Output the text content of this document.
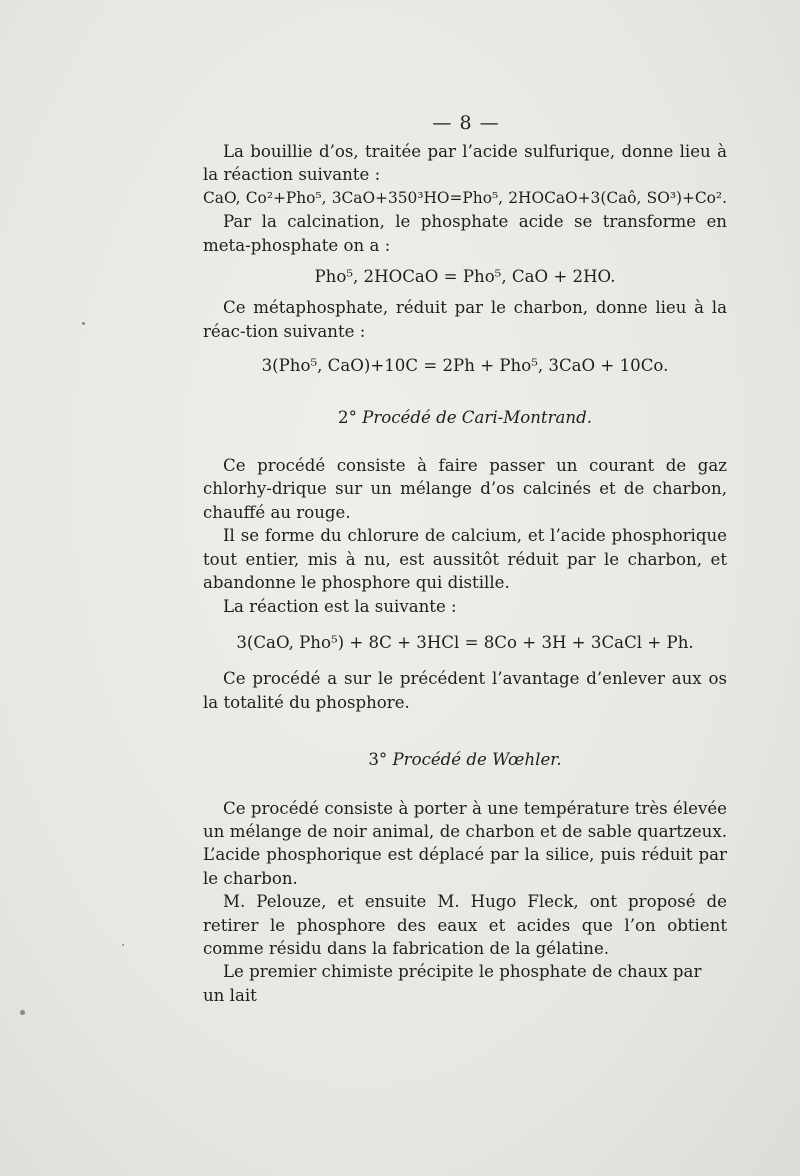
— 8 —

La bouillie d’os, traitée par l’acide sulfurique, donne lieu à la réaction suivante :

CaO, Co²+Pho⁵, 3CaO+350³HO=Pho⁵, 2HOCaO+3(Caô, SO³)+Co².

Par la calcination, le phosphate acide se transforme en meta-phosphate on a :

Pho⁵, 2HOCaO = Pho⁵, CaO + 2HO.

Ce métaphosphate, réduit par le charbon, donne lieu à la réac-tion suivante :

3(Pho⁵, CaO)+10C = 2Ph + Pho⁵, 3CaO + 10Co.
2° Procédé de Cari-Montrand.

Ce procédé consiste à faire passer un courant de gaz chlorhy-drique sur un mélange d’os calcinés et de charbon, chauffé au rouge.

Il se forme du chlorure de calcium, et l’acide phosphorique tout entier, mis à nu, est aussitôt réduit par le charbon, et abandonne le phosphore qui distille.

La réaction est la suivante :

3(CaO, Pho⁵) + 8C + 3HCl = 8Co + 3H + 3CaCl + Ph.

Ce procédé a sur le précédent l’avantage d’enlever aux os la totalité du phosphore.

3° Procédé de Wœhler.

Ce procédé consiste à porter à une température très élevée un mélange de noir animal, de charbon et de sable quartzeux. L’acide phosphorique est déplacé par la silice, puis réduit par le charbon.

M. Pelouze, et ensuite M. Hugo Fleck, ont proposé de retirer le phosphore des eaux et acides que l’on obtient comme résidu dans la fabrication de la gélatine.

Le premier chimiste précipite le phosphate de chaux par un lait
